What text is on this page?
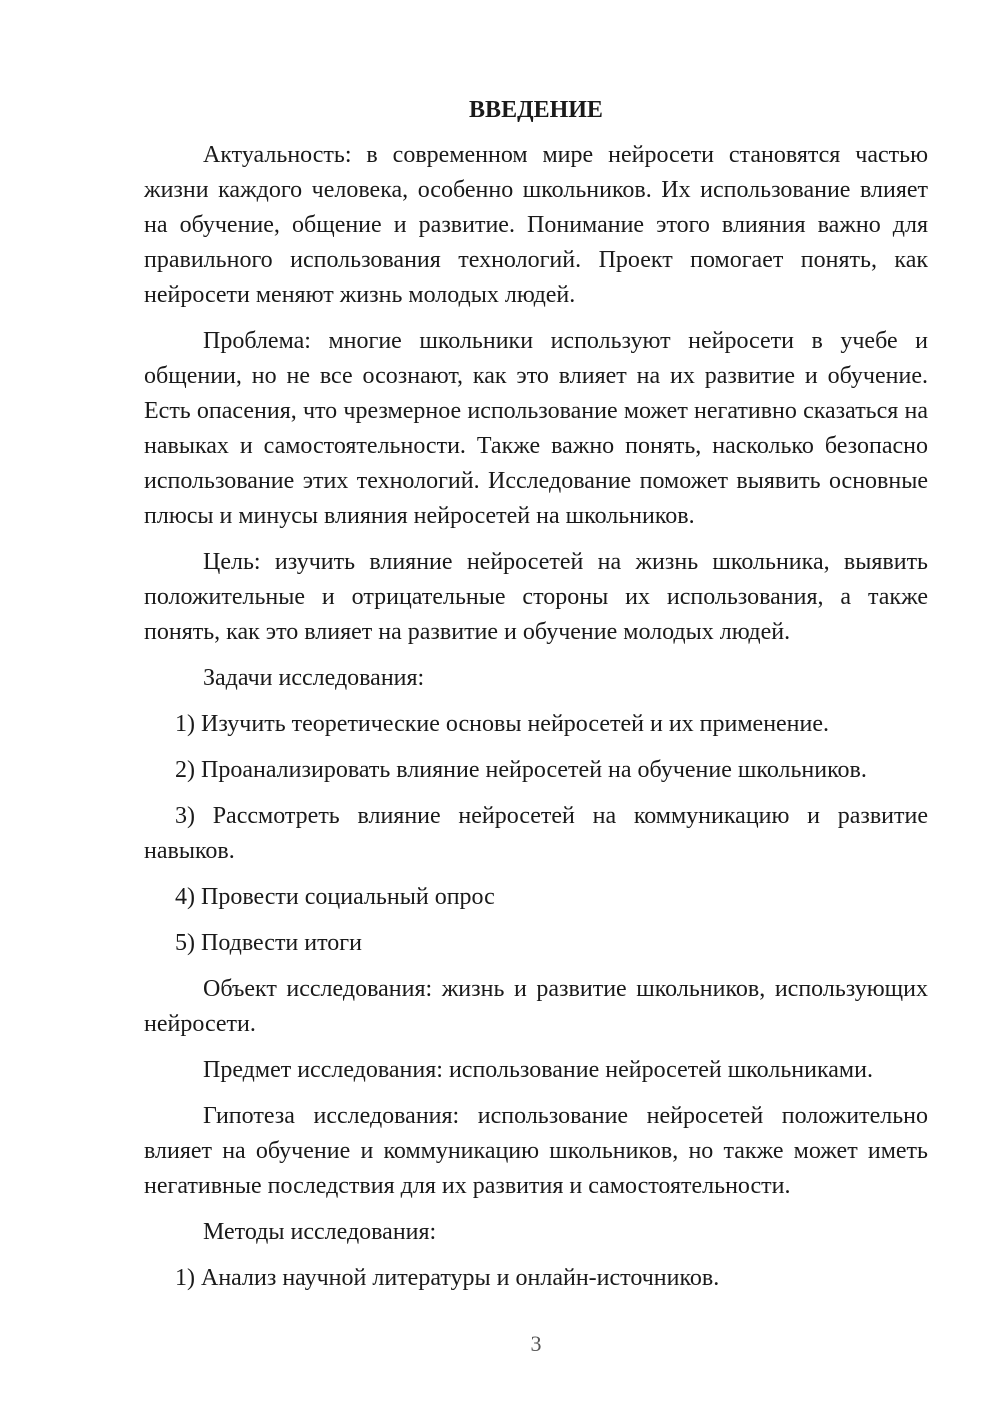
ВВЕДЕНИЕ

Актуальность: в современном мире нейросети становятся частью жизни каждого человека, особенно школьников. Их использование влияет на обучение, общение и развитие. Понимание этого влияния важно для правильного использования технологий. Проект помогает понять, как нейросети меняют жизнь молодых людей.

Проблема: многие школьники используют нейросети в учебе и общении, но не все осознают, как это влияет на их развитие и обучение. Есть опасения, что чрезмерное использование может негативно сказаться на навыках и самостоятельности. Также важно понять, насколько безопасно использование этих технологий. Исследование поможет выявить основные плюсы и минусы влияния нейросетей на школьников.

Цель: изучить влияние нейросетей на жизнь школьника, выявить положительные и отрицательные стороны их использования, а также понять, как это влияет на развитие и обучение молодых людей.

Задачи исследования:

1) Изучить теоретические основы нейросетей и их применение.

2) Проанализировать влияние нейросетей на обучение школьников.

3) Рассмотреть влияние нейросетей на коммуникацию и развитие навыков.

4) Провести социальный опрос

5) Подвести итоги

Объект исследования: жизнь и развитие школьников, использующих нейросети.

Предмет исследования: использование нейросетей школьниками.

Гипотеза исследования: использование нейросетей положительно влияет на обучение и коммуникацию школьников, но также может иметь негативные последствия для их развития и самостоятельности.

Методы исследования:

1) Анализ научной литературы и онлайн-источников.

3
